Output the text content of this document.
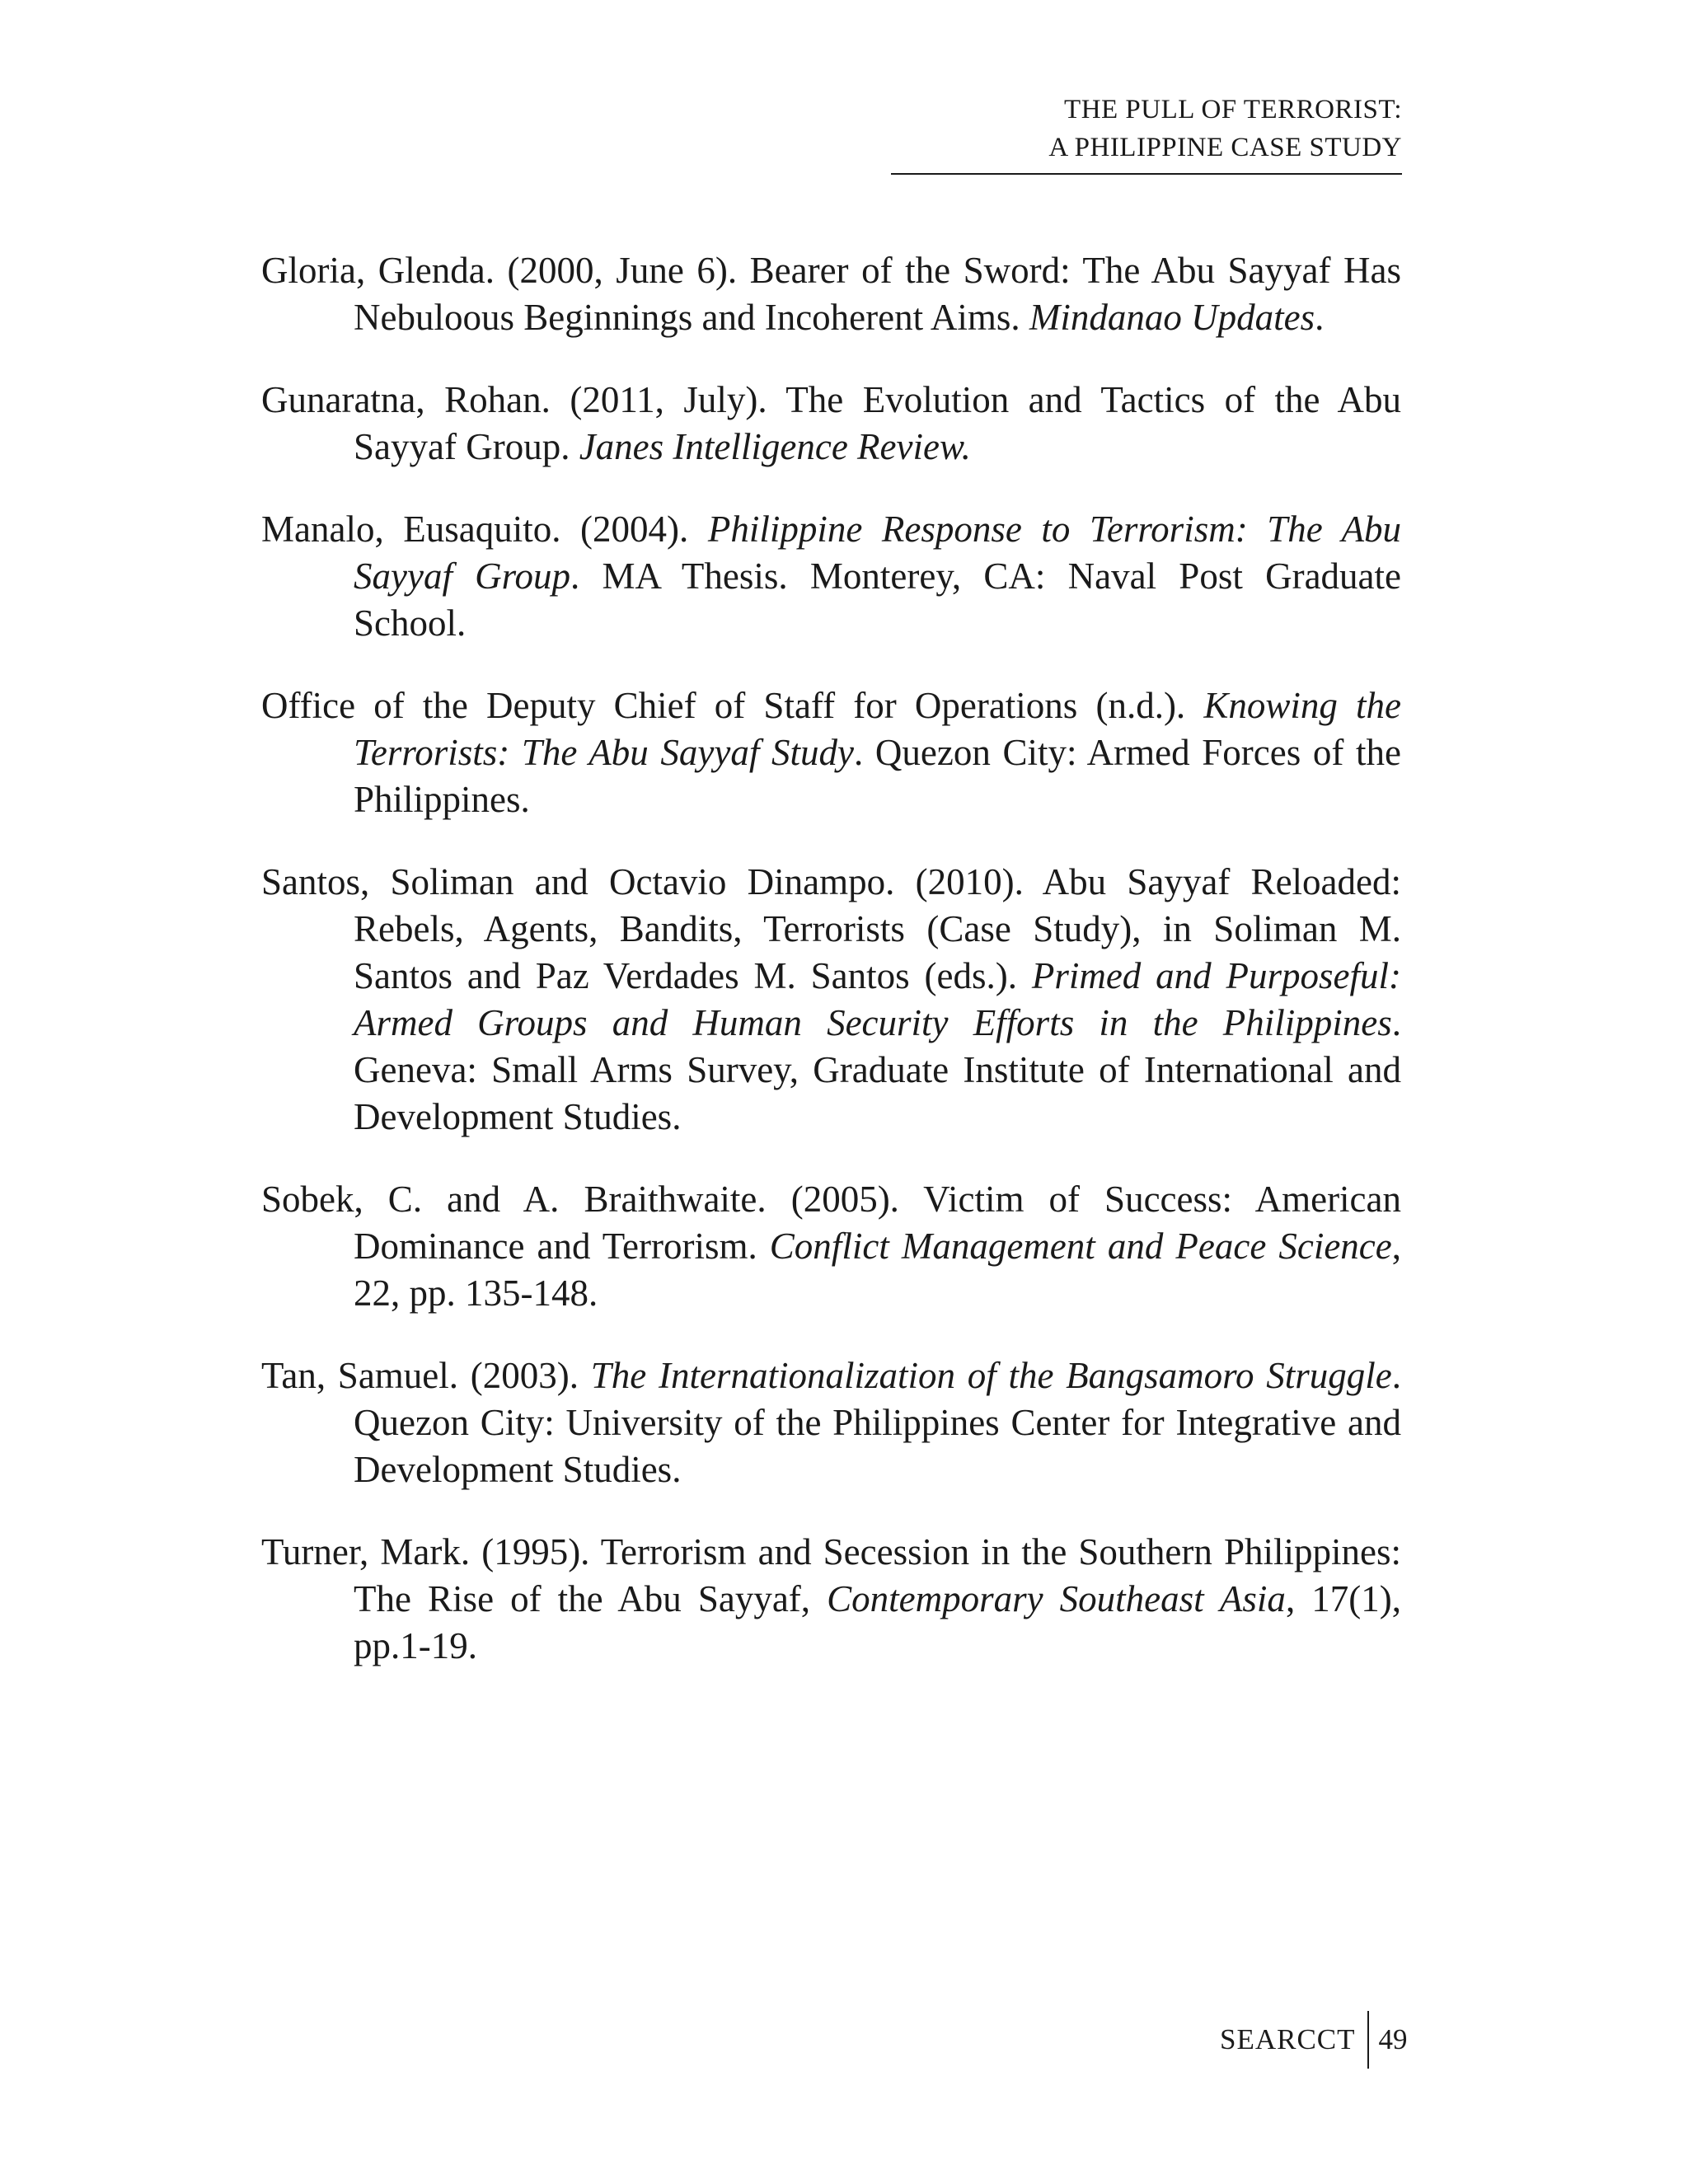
THE PULL OF TERRORIST:
A PHILIPPINE CASE STUDY

Gloria, Glenda. (2000, June 6). Bearer of the Sword: The Abu Sayyaf Has Nebuloous Beginnings and Incoherent Aims. Mindanao Updates.

Gunaratna, Rohan. (2011, July). The Evolution and Tactics of the Abu Sayyaf Group. Janes Intelligence Review.

Manalo, Eusaquito. (2004). Philippine Response to Terrorism: The Abu Sayyaf Group. MA Thesis. Monterey, CA: Naval Post Graduate School.

Office of the Deputy Chief of Staff for Operations (n.d.). Knowing the Terrorists: The Abu Sayyaf Study. Quezon City: Armed Forces of the Philippines.

Santos, Soliman and Octavio Dinampo. (2010). Abu Sayyaf Reloaded: Rebels, Agents, Bandits, Terrorists (Case Study), in Soliman M. Santos and Paz Verdades M. Santos (eds.). Primed and Purposeful: Armed Groups and Human Security Efforts in the Philippines. Geneva: Small Arms Survey, Graduate Institute of International and Development Studies.

Sobek, C. and A. Braithwaite. (2005). Victim of Success: American Dominance and Terrorism. Conflict Management and Peace Science, 22, pp. 135-148.

Tan, Samuel. (2003). The Internationalization of the Bangsamoro Struggle. Quezon City: University of the Philippines Center for Integrative and Development Studies.

Turner, Mark. (1995). Terrorism and Secession in the Southern Philippines: The Rise of the Abu Sayyaf, Contemporary Southeast Asia, 17(1), pp.1-19.

SEARCCT 49
